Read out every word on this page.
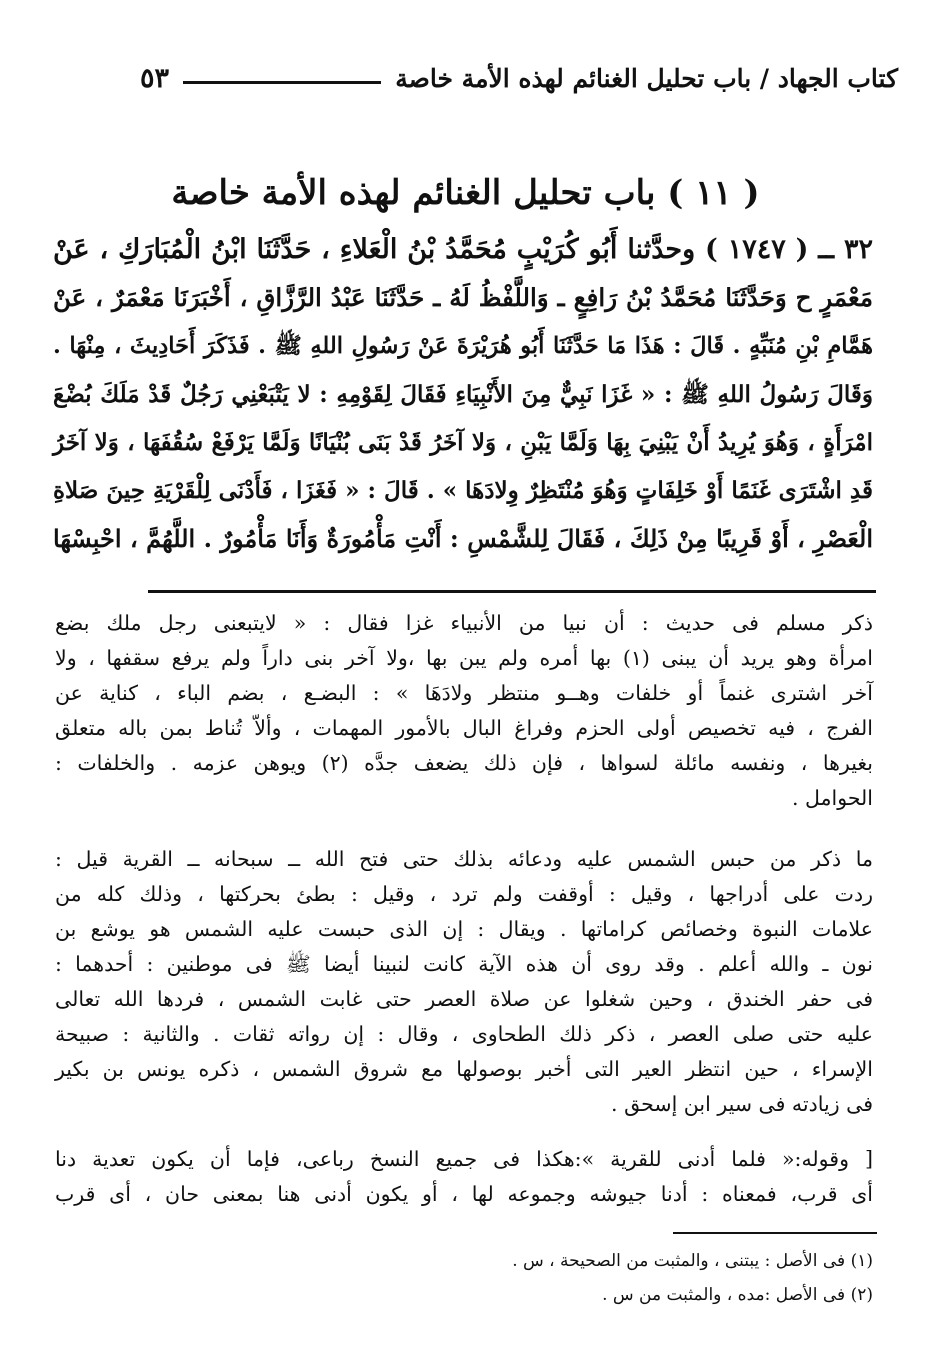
كتاب الجهاد / باب تحليل الغنائم لهذه الأمة خاصة
٥٣
( ١١ ) باب تحليل الغنائم لهذه الأمة خاصة
٣٢ ــ ( ١٧٤٧ ) وحدَّثنا أَبُو كُرَيْبٍ مُحَمَّدُ بْنُ الْعَلاءِ ، حَدَّثَنَا ابْنُ الْمُبَارَكِ ، عَنْ
مَعْمَرٍ ح وَحَدَّثَنَا مُحَمَّدُ بْنُ رَافِعٍ ـ وَاللَّفْظُ لَهُ ـ حَدَّثَنَا عَبْدُ الرَّزَّاقِ ، أَخْبَرَنَا مَعْمَرٌ ، عَنْ
هَمَّامِ بْنِ مُنَبِّهٍ . قَالَ : هَذَا مَا حَدَّثَنَا أَبُو هُرَيْرَةَ عَنْ رَسُولِ اللهِ ﷺ . فَذَكَرَ أَحَادِيثَ ، مِنْهَا .
وَقَالَ رَسُولُ اللهِ ﷺ : « غَزَا نَبِيٌّ مِنَ الأَنْبِيَاءِ فَقَالَ لِقَوْمِهِ : لا يَتْبَعْنِي رَجُلٌ قَدْ مَلَكَ بُضْعَ
امْرَأَةٍ ، وَهُوَ يُرِيدُ أَنْ يَبْنِيَ بِهَا وَلَمَّا يَبْنِ ، وَلا آخَرُ قَدْ بَنَى بُنْيَانًا وَلَمَّا يَرْفَعْ سُقُفَهَا ، وَلا آخَرُ
قَدِ اشْتَرَى غَنَمًا أَوْ خَلِفَاتٍ وَهُوَ مُنْتَظِرٌ وِلادَهَا » . قَالَ : « فَغَزَا ، فَأَدْنَى لِلْقَرْيَةِ حِينَ صَلاةِ
الْعَصْرِ ، أَوْ قَرِيبًا مِنْ ذَلِكَ ، فَقَالَ لِلشَّمْسِ : أَنْتِ مَأْمُورَةٌ وَأَنَا مَأْمُورٌ . اللَّهُمَّ ، احْبِسْهَا
ذكر مسلم فى حديث : أن نبيا من الأنبياء غزا فقال : « لايتبعنى رجل ملك بضع
امرأة وهو يريد أن يبنى (١) بها أمره ولم يبن بها ،ولا آخر بنى داراً ولم يرفع سقفها ، ولا
آخر اشترى غنماً أو خلفات وهــو منتظر ولادَهَا » : البضـع ، بضم الباء ، كناية عن
الفرج ، فيه تخصيص أولى الحزم وفراغ البال بالأمور المهمات ، وألاّ تُناط بمن باله متعلق
بغيرها ، ونفسه مائلة لسواها ، فإن ذلك يضعف جدَّه (٢) ويوهن عزمه . والخلفات :
الحوامل .
ما ذكر من حبس الشمس عليه ودعائه بذلك حتى فتح الله ــ سبحانه ــ القرية قيل :
ردت على أدراجها ، وقيل : أوقفت ولم ترد ، وقيل : بطئ بحركتها ، وذلك كله من
علامات النبوة وخصائص كراماتها . ويقال : إن الذى حبست عليه الشمس هو يوشع بن
نون ـ والله أعلم . وقد روى أن هذه الآية كانت لنبينا أيضا ﷺ فى موطنين : أحدهما :
فى حفر الخندق ، وحين شغلوا عن صلاة العصر حتى غابت الشمس ، فردها الله تعالى
عليه حتى صلى العصر ، ذكر ذلك الطحاوى ، وقال : إن رواته ثقات . والثانية : صبيحة
الإسراء ، حين انتظر العير التى أخبر بوصولها مع شروق الشمس ، ذكره يونس بن بكير
فى زيادته فى سير ابن إسحق .
[ وقوله:« فلما أدنى للقرية »:هكذا فى جميع النسخ رباعى، فإما أن يكون تعدية دنا
أى قرب، فمعناه : أدنا جيوشه وجموعه لها ، أو يكون أدنى هنا بمعنى حان ، أى قرب
(١) فى الأصل : يبتنى ، والمثبت من الصحيحة ، س .
(٢) فى الأصل :مده ، والمثبت من س .
